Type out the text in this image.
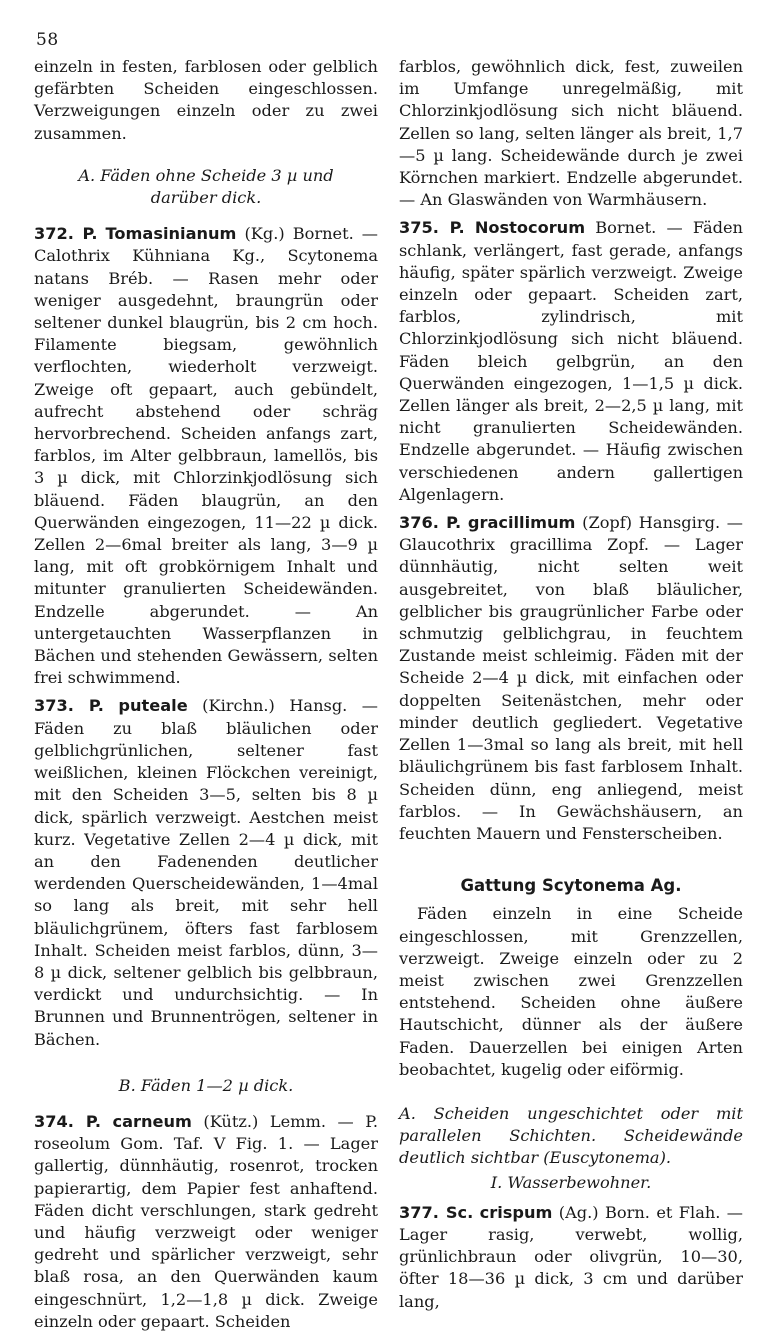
58

einzeln in festen, farblosen oder gelblich gefärbten Scheiden eingeschlossen. Verzweigungen einzeln oder zu zwei zusammen.

A. Fäden ohne Scheide 3 µ und darüber dick.

372. P. Tomasinianum (Kg.) Bornet. — Calothrix Kühniana Kg., Scytonema natans Bréb. — Rasen mehr oder weniger ausgedehnt, braungrün oder seltener dunkel blaugrün, bis 2 cm hoch. Filamente biegsam, gewöhnlich verflochten, wiederholt verzweigt. Zweige oft gepaart, auch gebündelt, aufrecht abstehend oder schräg hervorbrechend. Scheiden anfangs zart, farblos, im Alter gelbbraun, lamellös, bis 3 µ dick, mit Chlorzinkjodlösung sich bläuend. Fäden blaugrün, an den Querwänden eingezogen, 11—22 µ dick. Zellen 2—6mal breiter als lang, 3—9 µ lang, mit oft grobkörnigem Inhalt und mitunter granulierten Scheidewänden. Endzelle abgerundet. — An untergetauchten Wasserpflanzen in Bächen und stehenden Gewässern, selten frei schwimmend.

373. P. puteale (Kirchn.) Hansg. — Fäden zu blaß bläulichen oder gelblichgrünlichen, seltener fast weißlichen, kleinen Flöckchen vereinigt, mit den Scheiden 3—5, selten bis 8 µ dick, spärlich verzweigt. Aestchen meist kurz. Vegetative Zellen 2—4 µ dick, mit an den Fadenenden deutlicher werdenden Querscheidewänden, 1—4mal so lang als breit, mit sehr hell bläulichgrünem, öfters fast farblosem Inhalt. Scheiden meist farblos, dünn, 3—8 µ dick, seltener gelblich bis gelbbraun, verdickt und undurchsichtig. — In Brunnen und Brunnentrögen, seltener in Bächen.

B. Fäden 1—2 µ dick.

374. P. carneum (Kütz.) Lemm. — P. roseolum Gom. Taf. V Fig. 1. — Lager gallertig, dünnhäutig, rosenrot, trocken papierartig, dem Papier fest anhaftend. Fäden dicht verschlungen, stark gedreht und häufig verzweigt oder weniger gedreht und spärlicher verzweigt, sehr blaß rosa, an den Querwänden kaum eingeschnürt, 1,2—1,8 µ dick. Zweige einzeln oder gepaart. Scheiden

farblos, gewöhnlich dick, fest, zuweilen im Umfange unregelmäßig, mit Chlorzinkjodlösung sich nicht bläuend. Zellen so lang, selten länger als breit, 1,7—5 µ lang. Scheidewände durch je zwei Körnchen markiert. Endzelle abgerundet. — An Glaswänden von Warmhäusern.

375. P. Nostocorum Bornet. — Fäden schlank, verlängert, fast gerade, anfangs häufig, später spärlich verzweigt. Zweige einzeln oder gepaart. Scheiden zart, farblos, zylindrisch, mit Chlorzinkjodlösung sich nicht bläuend. Fäden bleich gelbgrün, an den Querwänden eingezogen, 1—1,5 µ dick. Zellen länger als breit, 2—2,5 µ lang, mit nicht granulierten Scheidewänden. Endzelle abgerundet. — Häufig zwischen verschiedenen andern gallertigen Algenlagern.

376. P. gracillimum (Zopf) Hansgirg. — Glaucothrix gracillima Zopf. — Lager dünnhäutig, nicht selten weit ausgebreitet, von blaß bläulicher, gelblicher bis graugrünlicher Farbe oder schmutzig gelblichgrau, in feuchtem Zustande meist schleimig. Fäden mit der Scheide 2—4 µ dick, mit einfachen oder doppelten Seitenästchen, mehr oder minder deutlich gegliedert. Vegetative Zellen 1—3mal so lang als breit, mit hell bläulichgrünem bis fast farblosem Inhalt. Scheiden dünn, eng anliegend, meist farblos. — In Gewächshäusern, an feuchten Mauern und Fensterscheiben.

Gattung Scytonema Ag.

Fäden einzeln in eine Scheide eingeschlossen, mit Grenzzellen, verzweigt. Zweige einzeln oder zu 2 meist zwischen zwei Grenzzellen entstehend. Scheiden ohne äußere Hautschicht, dünner als der äußere Faden. Dauerzellen bei einigen Arten beobachtet, kugelig oder eiförmig.

A. Scheiden ungeschichtet oder mit parallelen Schichten. Scheidewände deutlich sichtbar (Euscytonema).

I. Wasserbewohner.

377. Sc. crispum (Ag.) Born. et Flah. — Lager rasig, verwebt, wollig, grünlichbraun oder olivgrün, 10—30, öfter 18—36 µ dick, 3 cm und darüber lang,
